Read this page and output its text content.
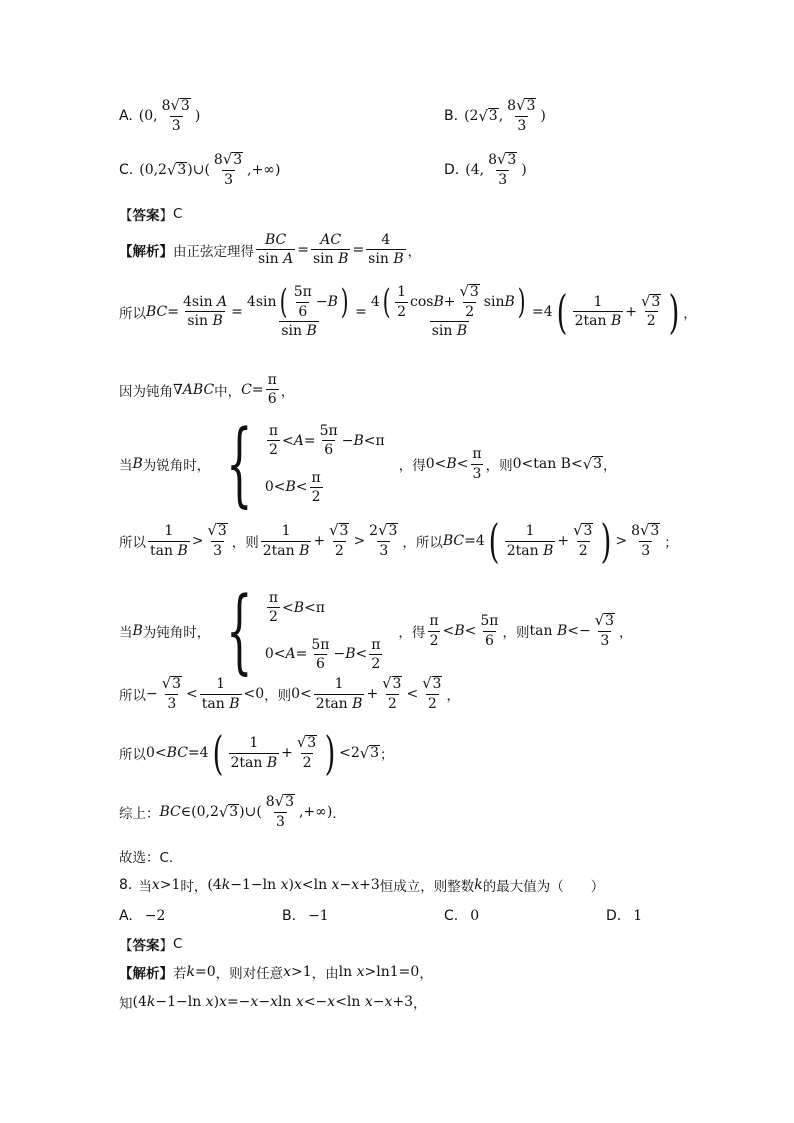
A. (0, $\frac{8 √ 3}{3}$ )	B. (2 √ 3 , $\frac{8 √ 3}{3}$ )
C. (0,2 √ 3 ) ∪ ( $\frac{8 √ 3}{3}$ ,+∞)	D. (4, $\frac{8 √ 3}{3}$ )
【 答案 】 C
【解析】 由正弦定理得 $\frac{BC}{\text{sin A}} = \frac{AC}{\text{sin B}} = \frac{4}{\text{sin B}}$ ，
所以 BC = $\frac{\text{4sin A}}{\text{sin B}} = \frac{4\sin ( \frac{5\pi}{6} - B )}{\text{sin B}} = \frac{4 ( \frac{1}{2} \cos B + \frac{√ 3}{2} \sin B )}{\text{sin B}} =4$ ( $\frac{1}{\text{2tan B}} + \frac{√ 3}{2}$ ) ，
因为钝角 ∇ ABC 中， $C = \frac{\pi}{6}$ ，
当 B 为锐角时， { $\frac{\pi}{2} < A = \frac{5\pi}{6} - B <\pi$
$0< B < \frac{\pi}{2}$
，得 $0<B< \frac{\pi}{3}$ ，则 0<tan B< √ 3 ，
所以 $\frac{1}{\text{tan B}} > \frac{√ 3}{3}$ ，则 $\frac{1}{\text{2tan B}} + \frac{√ 3}{2} > \frac{2 √ 3}{3}$ ，所以 BC =4 ( $\frac{1}{\text{2tan B}} + \frac{√ 3}{2}$ ) > $\frac{8 √ 3}{3}$ ；
当 B 为钝角时， { $\frac{\pi}{2} < B <\pi$
$0< A = \frac{5\pi}{6} - B < \frac{\pi}{2}$
，得 $\frac{\pi}{2} <B< \frac{5\pi}{6}$ ，则 $\tan B<- \frac{√ 3}{3}$ ，
所以 − $\frac{√ 3}{3} < \frac{1}{\text{tan B}} <0$ ，则 $0< \frac{1}{\text{2tan B}} + \frac{√ 3}{2} < \frac{√ 3}{2}$ ，
所以 0<BC=4 ( $\frac{1}{\text{2tan B}} + \frac{√ 3}{2}$ ) <2 √ 3 ；
综上： BC ∈(0,2 √ 3 )∪( $\frac{8 √ 3}{3}$ ,+∞) ．
故选：C.
8. 当 x >1 时， (4k−1−ln x)x<ln x−x+3 恒成立，则整数 k 的最大值为（　　）
A. −2	B. −1	C. 0	D. 1
【 答案 】 C
【解析】 若 k =0 ，则对任意 x >1 ，由 ln x>ln1=0 ，
知 (4k−1−ln x)x=−x−xln x<−x<ln x−x+3 ，
